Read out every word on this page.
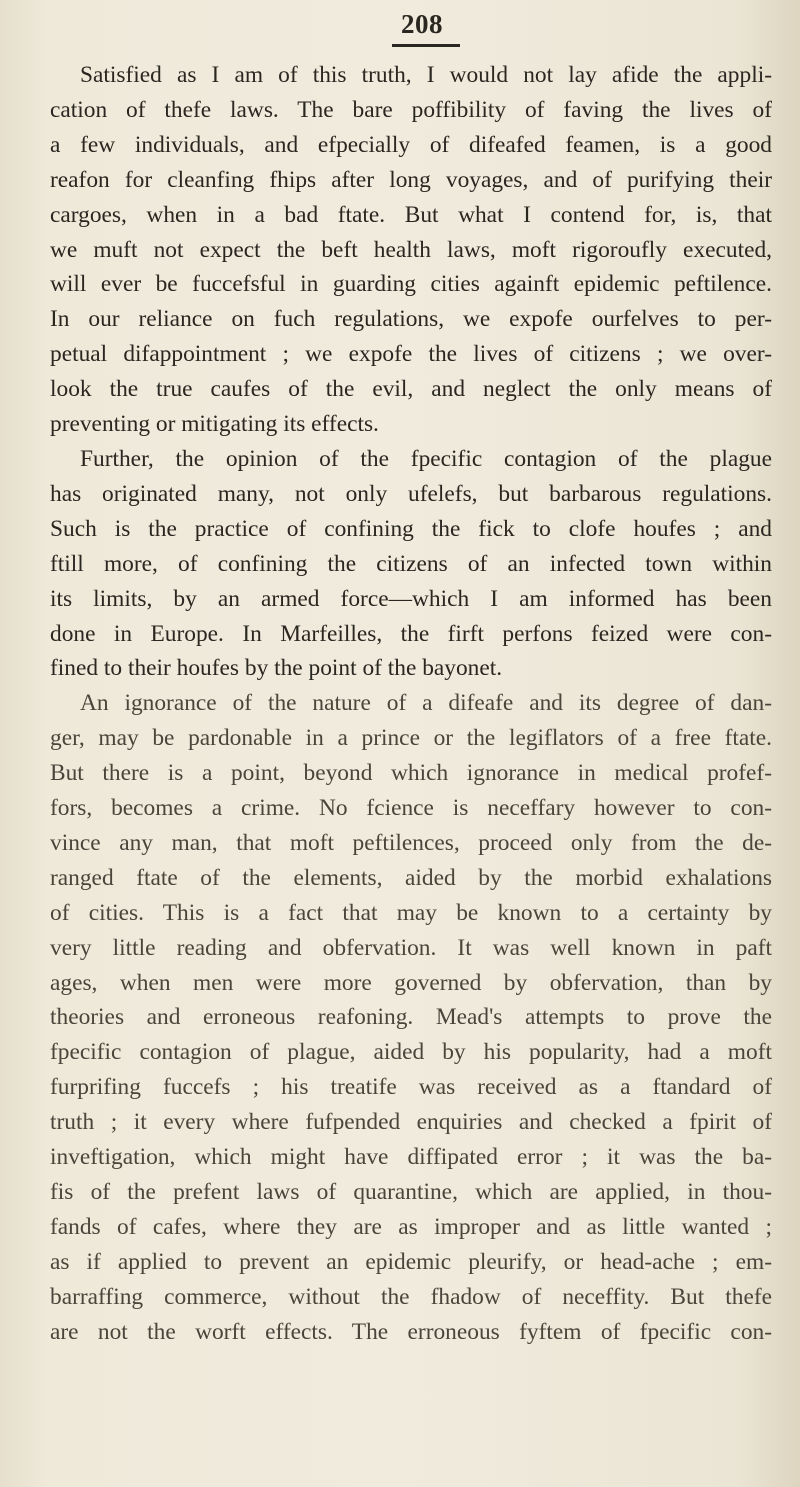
208

Satisfied as I am of this truth, I would not lay afide the appli-
cation of thefe laws. The bare poffibility of faving the lives of
a few individuals, and efpecially of difeafed feamen, is a good
reafon for cleanfing fhips after long voyages, and of purifying their
cargoes, when in a bad ftate. But what I contend for, is, that
we muft not expect the beft health laws, moft rigoroufly executed,
will ever be fuccefsful in guarding cities againft epidemic peftilence.
In our reliance on fuch regulations, we expofe ourfelves to per-
petual difappointment ; we expofe the lives of citizens ; we over-
look the true caufes of the evil, and neglect the only means of
preventing or mitigating its effects.

Further, the opinion of the fpecific contagion of the plague
has originated many, not only ufelefs, but barbarous regulations.
Such is the practice of confining the fick to clofe houfes ; and
ftill more, of confining the citizens of an infected town within
its limits, by an armed force—which I am informed has been
done in Europe. In Marfeilles, the firft perfons feized were con-
fined to their houfes by the point of the bayonet.

An ignorance of the nature of a difeafe and its degree of dan-
ger, may be pardonable in a prince or the legiflators of a free ftate.
But there is a point, beyond which ignorance in medical profef-
fors, becomes a crime. No fcience is neceffary however to con-
vince any man, that moft peftilences, proceed only from the de-
ranged ftate of the elements, aided by the morbid exhalations
of cities. This is a fact that may be known to a certainty by
very little reading and obfervation. It was well known in paft
ages, when men were more governed by obfervation, than by
theories and erroneous reafoning. Mead's attempts to prove the
fpecific contagion of plague, aided by his popularity, had a moft
furprifing fuccefs ; his treatife was received as a ftandard of
truth ; it every where fufpended enquiries and checked a fpirit of
inveftigation, which might have diffipated error ; it was the ba-
fis of the prefent laws of quarantine, which are applied, in thou-
fands of cafes, where they are as improper and as little wanted ;
as if applied to prevent an epidemic pleurify, or head-ache ; em-
barraffing commerce, without the fhadow of neceffity. But thefe
are not the worft effects. The erroneous fyftem of fpecific con-
